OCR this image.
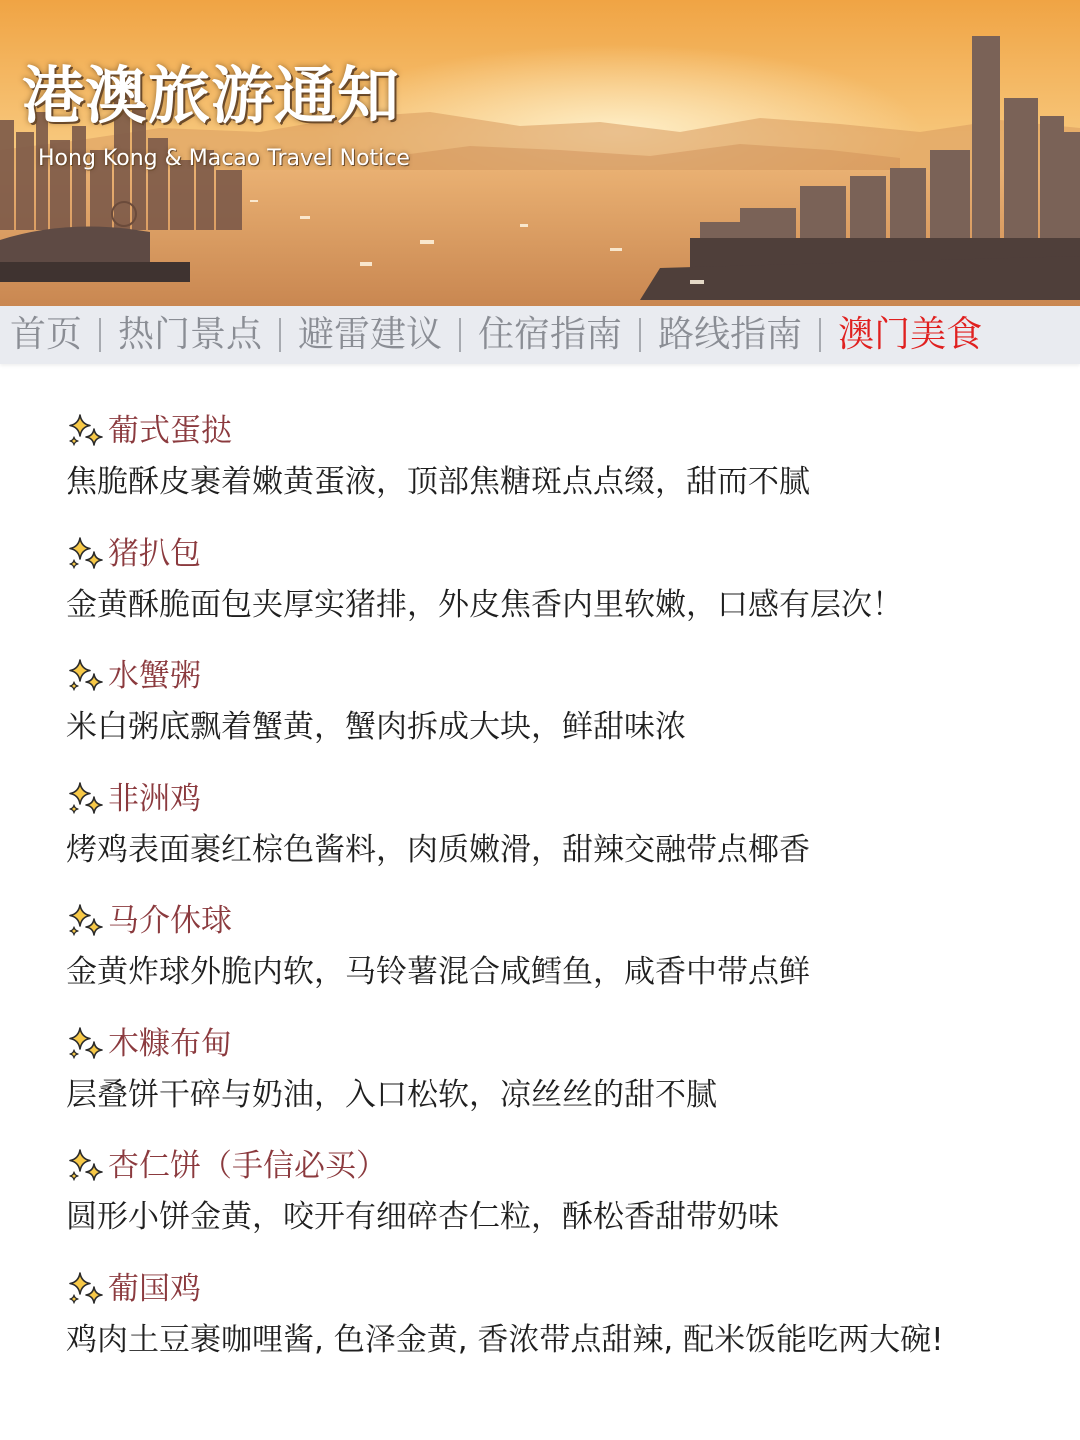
港澳旅游通知

Hong Kong & Macao Travel Notice

首页 热门景点 避雷建议 住宿指南 路线指南 澳门美食
葡式蛋挞

焦脆酥皮裹着嫩黄蛋液，顶部焦糖斑点点缀，甜而不腻

猪扒包

金黄酥脆面包夹厚实猪排，外皮焦香内里软嫩，口感有层次！

水蟹粥

米白粥底飘着蟹黄，蟹肉拆成大块，鲜甜味浓

非洲鸡

烤鸡表面裹红棕色酱料，肉质嫩滑，甜辣交融带点椰香

马介休球

金黄炸球外脆内软，马铃薯混合咸鳕鱼，咸香中带点鲜

木糠布甸

层叠饼干碎与奶油，入口松软，凉丝丝的甜不腻

杏仁饼（手信必买）

圆形小饼金黄，咬开有细碎杏仁粒，酥松香甜带奶味

葡国鸡

鸡肉土豆裹咖哩酱, 色泽金黄, 香浓带点甜辣, 配米饭能吃两大碗!
